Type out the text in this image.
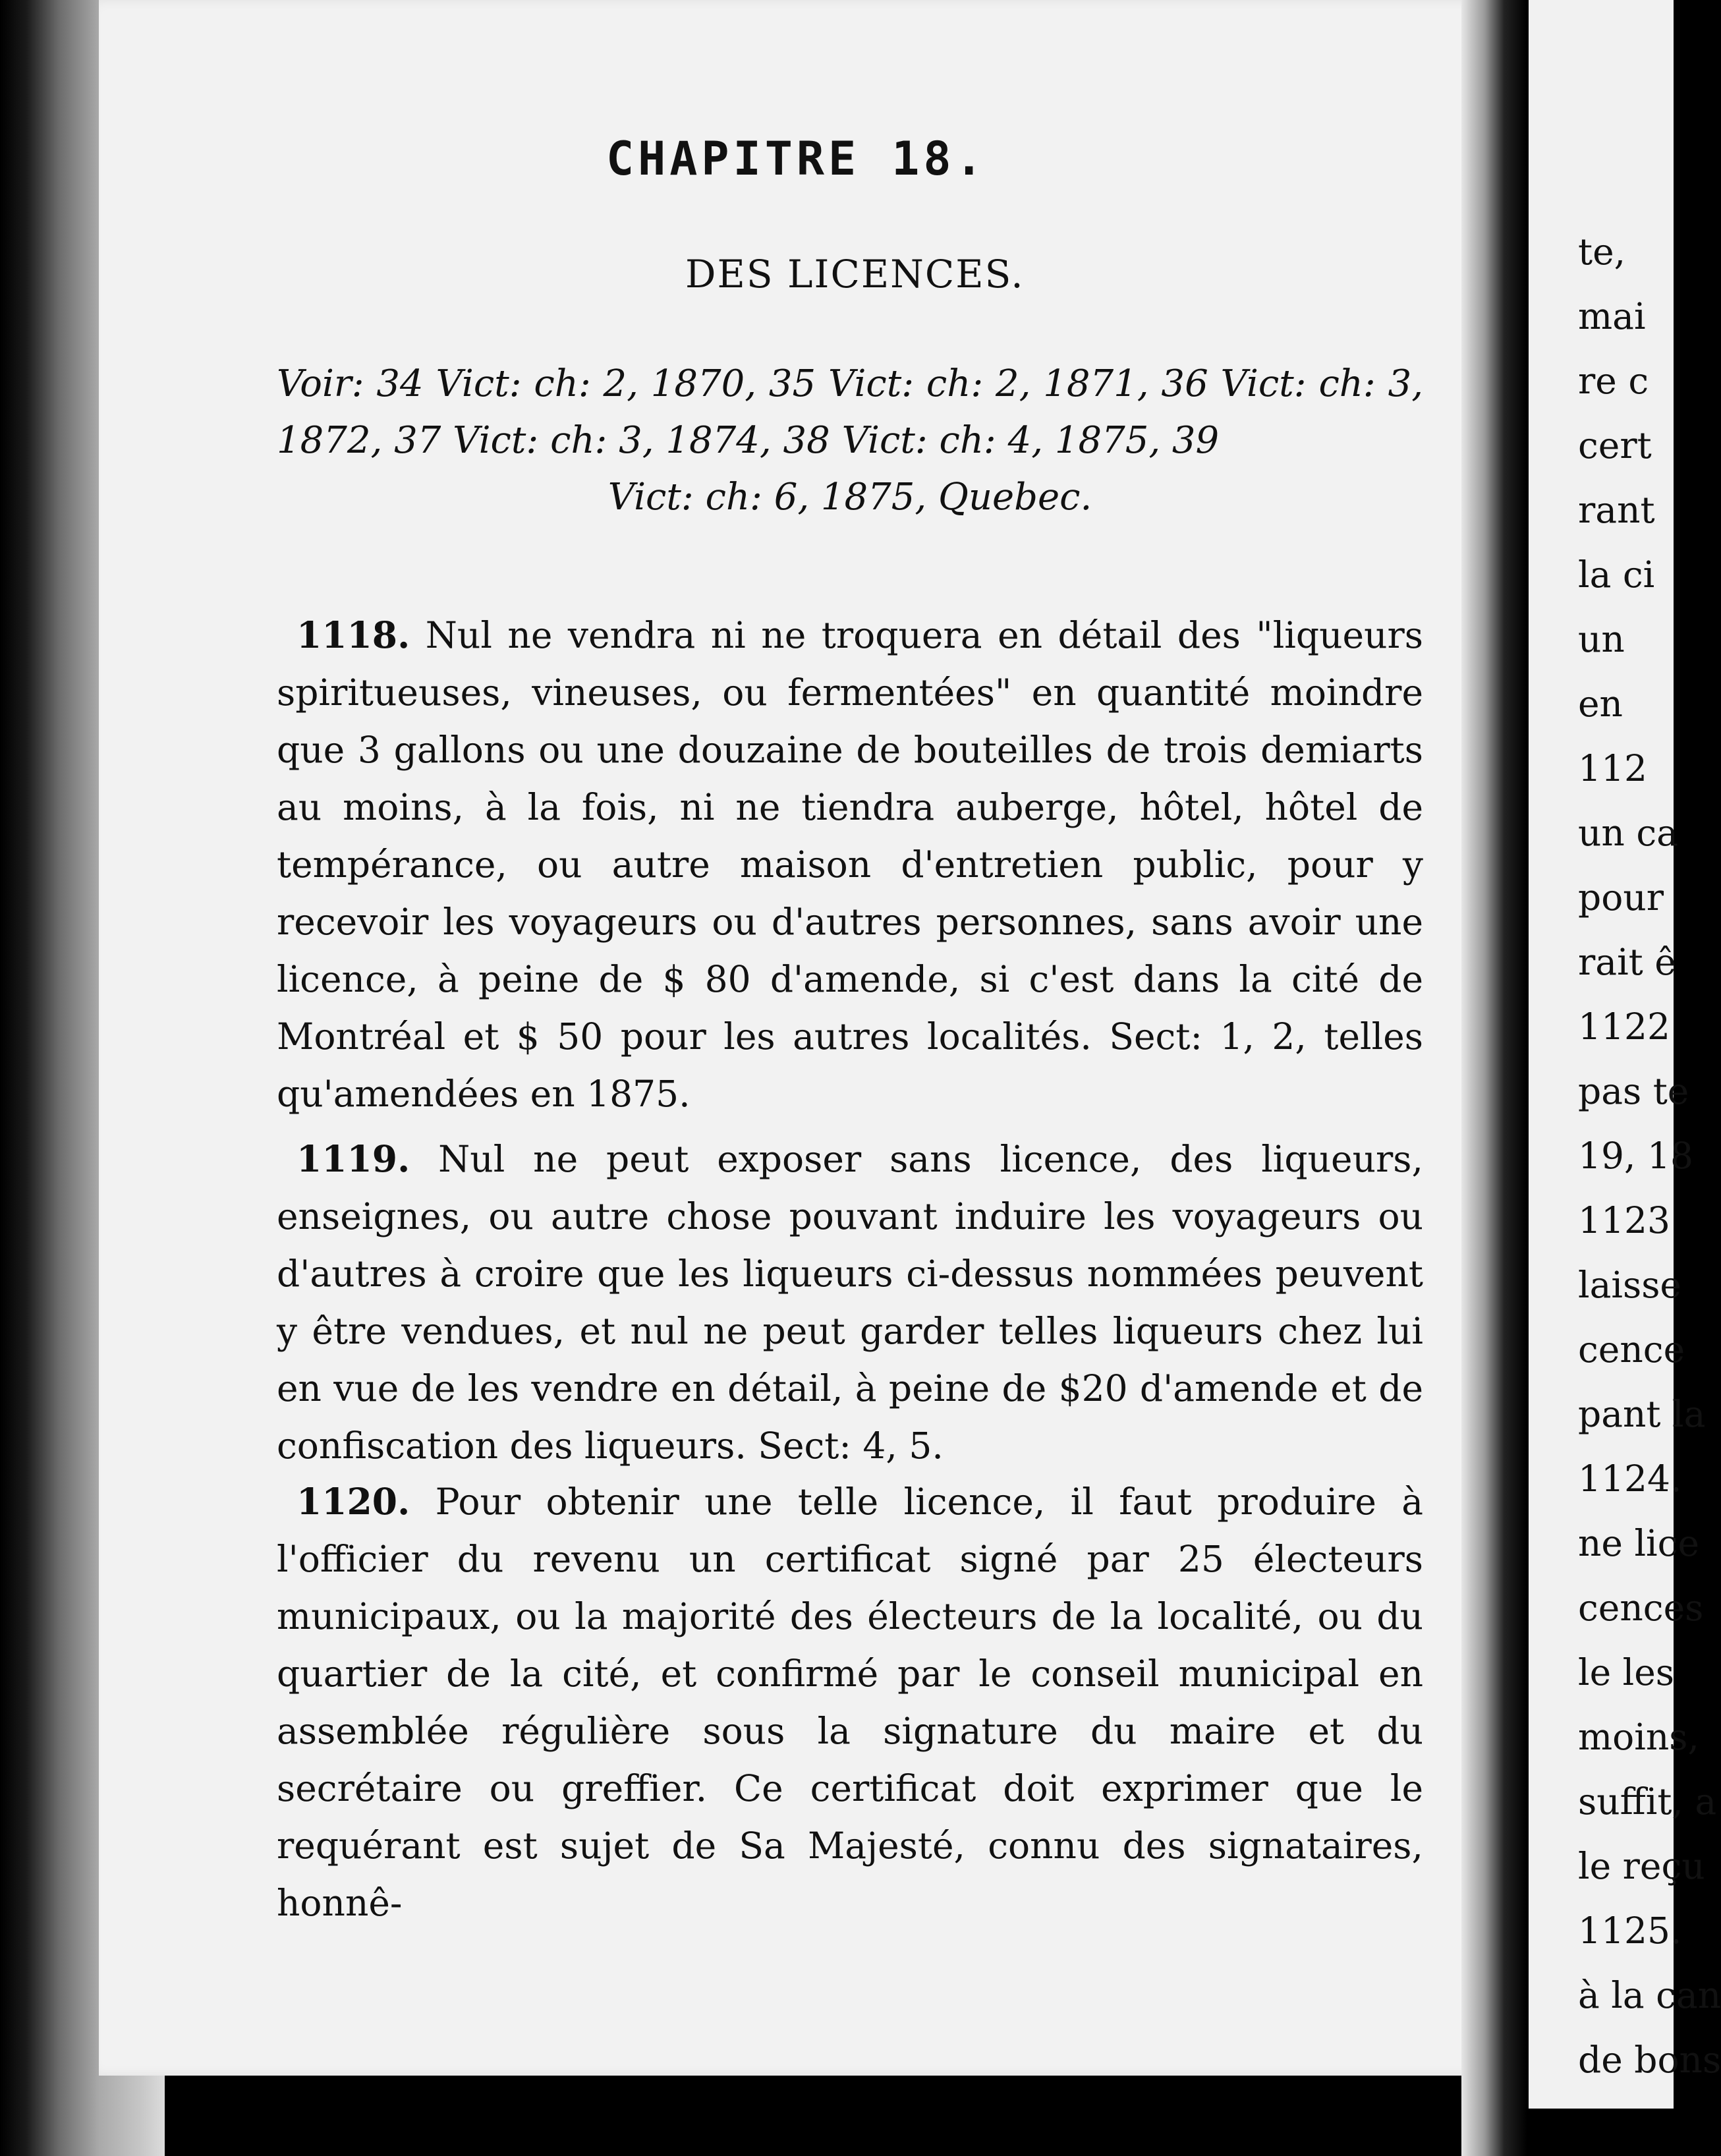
CHAPITRE 18.
DES LICENCES.
Voir: 34 Vict: ch: 2, 1870, 35 Vict: ch: 2, 1871, 36 Vict: ch: 3, 1872, 37 Vict: ch: 3, 1874, 38 Vict: ch: 4, 1875, 39
Vict: ch: 6, 1875, Quebec.
1118. Nul ne vendra ni ne troquera en détail des "liqueurs spiritueuses, vineuses, ou fermentées" en quantité moindre que 3 gallons ou une douzaine de bouteilles de trois demiarts au moins, à la fois, ni ne tiendra auberge, hôtel, hôtel de tempérance, ou autre maison d'entretien public, pour y recevoir les voyageurs ou d'autres personnes, sans avoir une licence, à peine de $ 80 d'amende, si c'est dans la cité de Montréal et $ 50 pour les autres localités. Sect: 1, 2, telles qu'amendées en 1875.
1119. Nul ne peut exposer sans licence, des liqueurs, enseignes, ou autre chose pouvant induire les voyageurs ou d'autres à croire que les liqueurs ci-dessus nommées peuvent y être vendues, et nul ne peut garder telles liqueurs chez lui en vue de les vendre en détail, à peine de $20 d'amende et de confiscation des liqueurs. Sect: 4, 5.
1120. Pour obtenir une telle licence, il faut produire à l'officier du revenu un certificat signé par 25 électeurs municipaux, ou la majorité des électeurs de la localité, ou du quartier de la cité, et confirmé par le conseil municipal en assemblée régulière sous la signature du maire et du secrétaire ou greffier. Ce certificat doit exprimer que le requérant est sujet de Sa Majesté, connu des signataires, honnê-
te,
mai
re c
cert
rant
la ci
un
en
112
un ca
pour
rait ê
1122
pas te
19, 18
1123
laisse
cence
pant la
1124.
ne lice
cences
le les
moins,
suffit, a
le reçu
1125.
à la can
de bons
